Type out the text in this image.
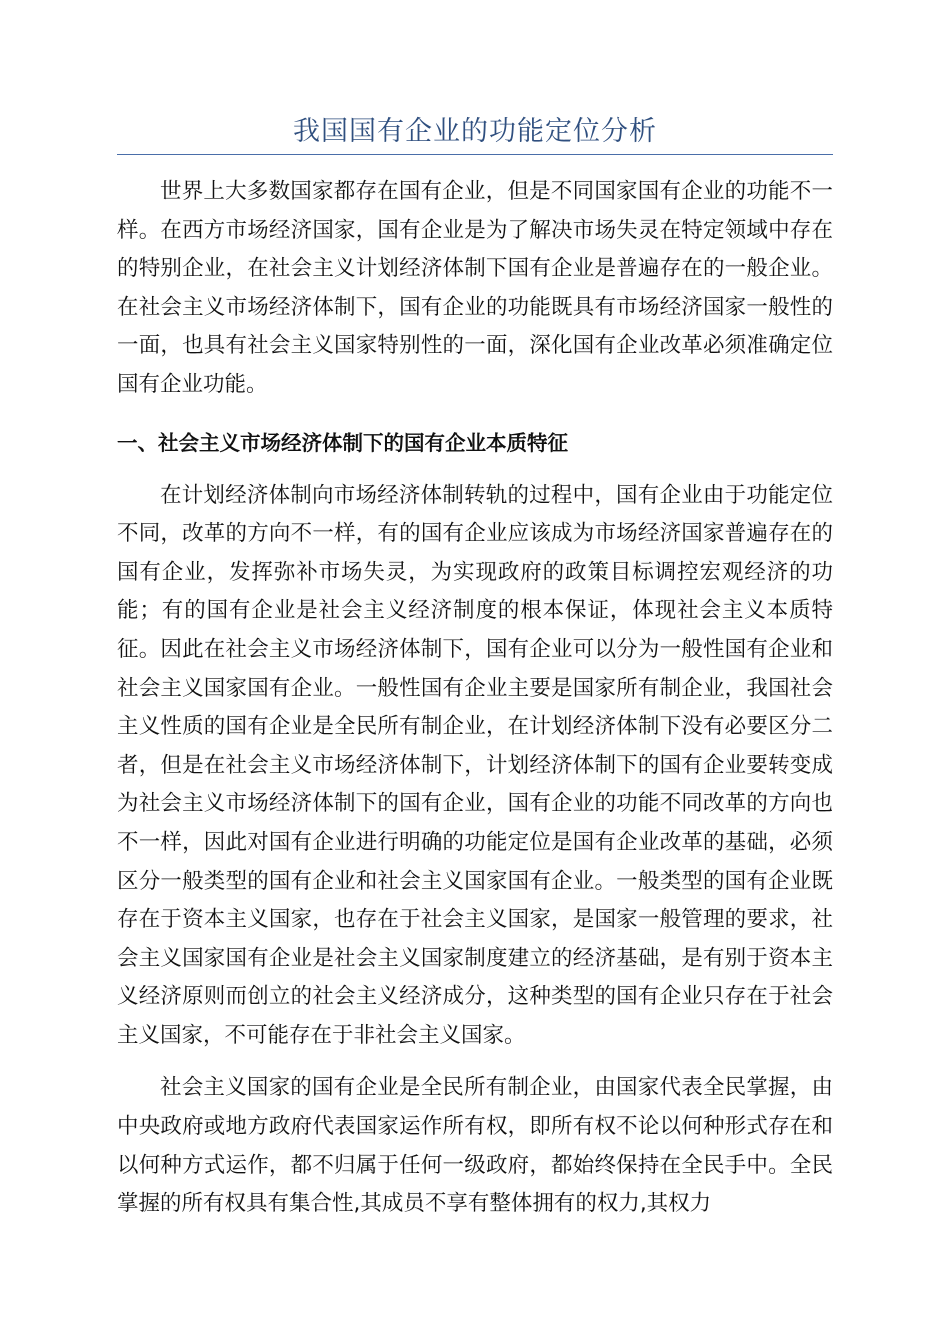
我国国有企业的功能定位分析

世界上大多数国家都存在国有企业，但是不同国家国有企业的功能不一样。在西方市场经济国家，国有企业是为了解决市场失灵在特定领域中存在的特别企业，在社会主义计划经济体制下国有企业是普遍存在的一般企业。在社会主义市场经济体制下，国有企业的功能既具有市场经济国家一般性的一面，也具有社会主义国家特别性的一面，深化国有企业改革必须准确定位国有企业功能。

一、社会主义市场经济体制下的国有企业本质特征

在计划经济体制向市场经济体制转轨的过程中，国有企业由于功能定位不同，改革的方向不一样，有的国有企业应该成为市场经济国家普遍存在的国有企业，发挥弥补市场失灵，为实现政府的政策目标调控宏观经济的功能；有的国有企业是社会主义经济制度的根本保证，体现社会主义本质特征。因此在社会主义市场经济体制下，国有企业可以分为一般性国有企业和社会主义国家国有企业。一般性国有企业主要是国家所有制企业，我国社会主义性质的国有企业是全民所有制企业，在计划经济体制下没有必要区分二者，但是在社会主义市场经济体制下，计划经济体制下的国有企业要转变成为社会主义市场经济体制下的国有企业，国有企业的功能不同改革的方向也不一样，因此对国有企业进行明确的功能定位是国有企业改革的基础，必须区分一般类型的国有企业和社会主义国家国有企业。一般类型的国有企业既存在于资本主义国家，也存在于社会主义国家，是国家一般管理的要求，社会主义国家国有企业是社会主义国家制度建立的经济基础，是有别于资本主义经济原则而创立的社会主义经济成分，这种类型的国有企业只存在于社会主义国家，不可能存在于非社会主义国家。

社会主义国家的国有企业是全民所有制企业，由国家代表全民掌握，由中央政府或地方政府代表国家运作所有权，即所有权不论以何种形式存在和以何种方式运作，都不归属于任何一级政府，都始终保持在全民手中。全民掌握的所有权具有集合性,其成员不享有整体拥有的权力,其权力
